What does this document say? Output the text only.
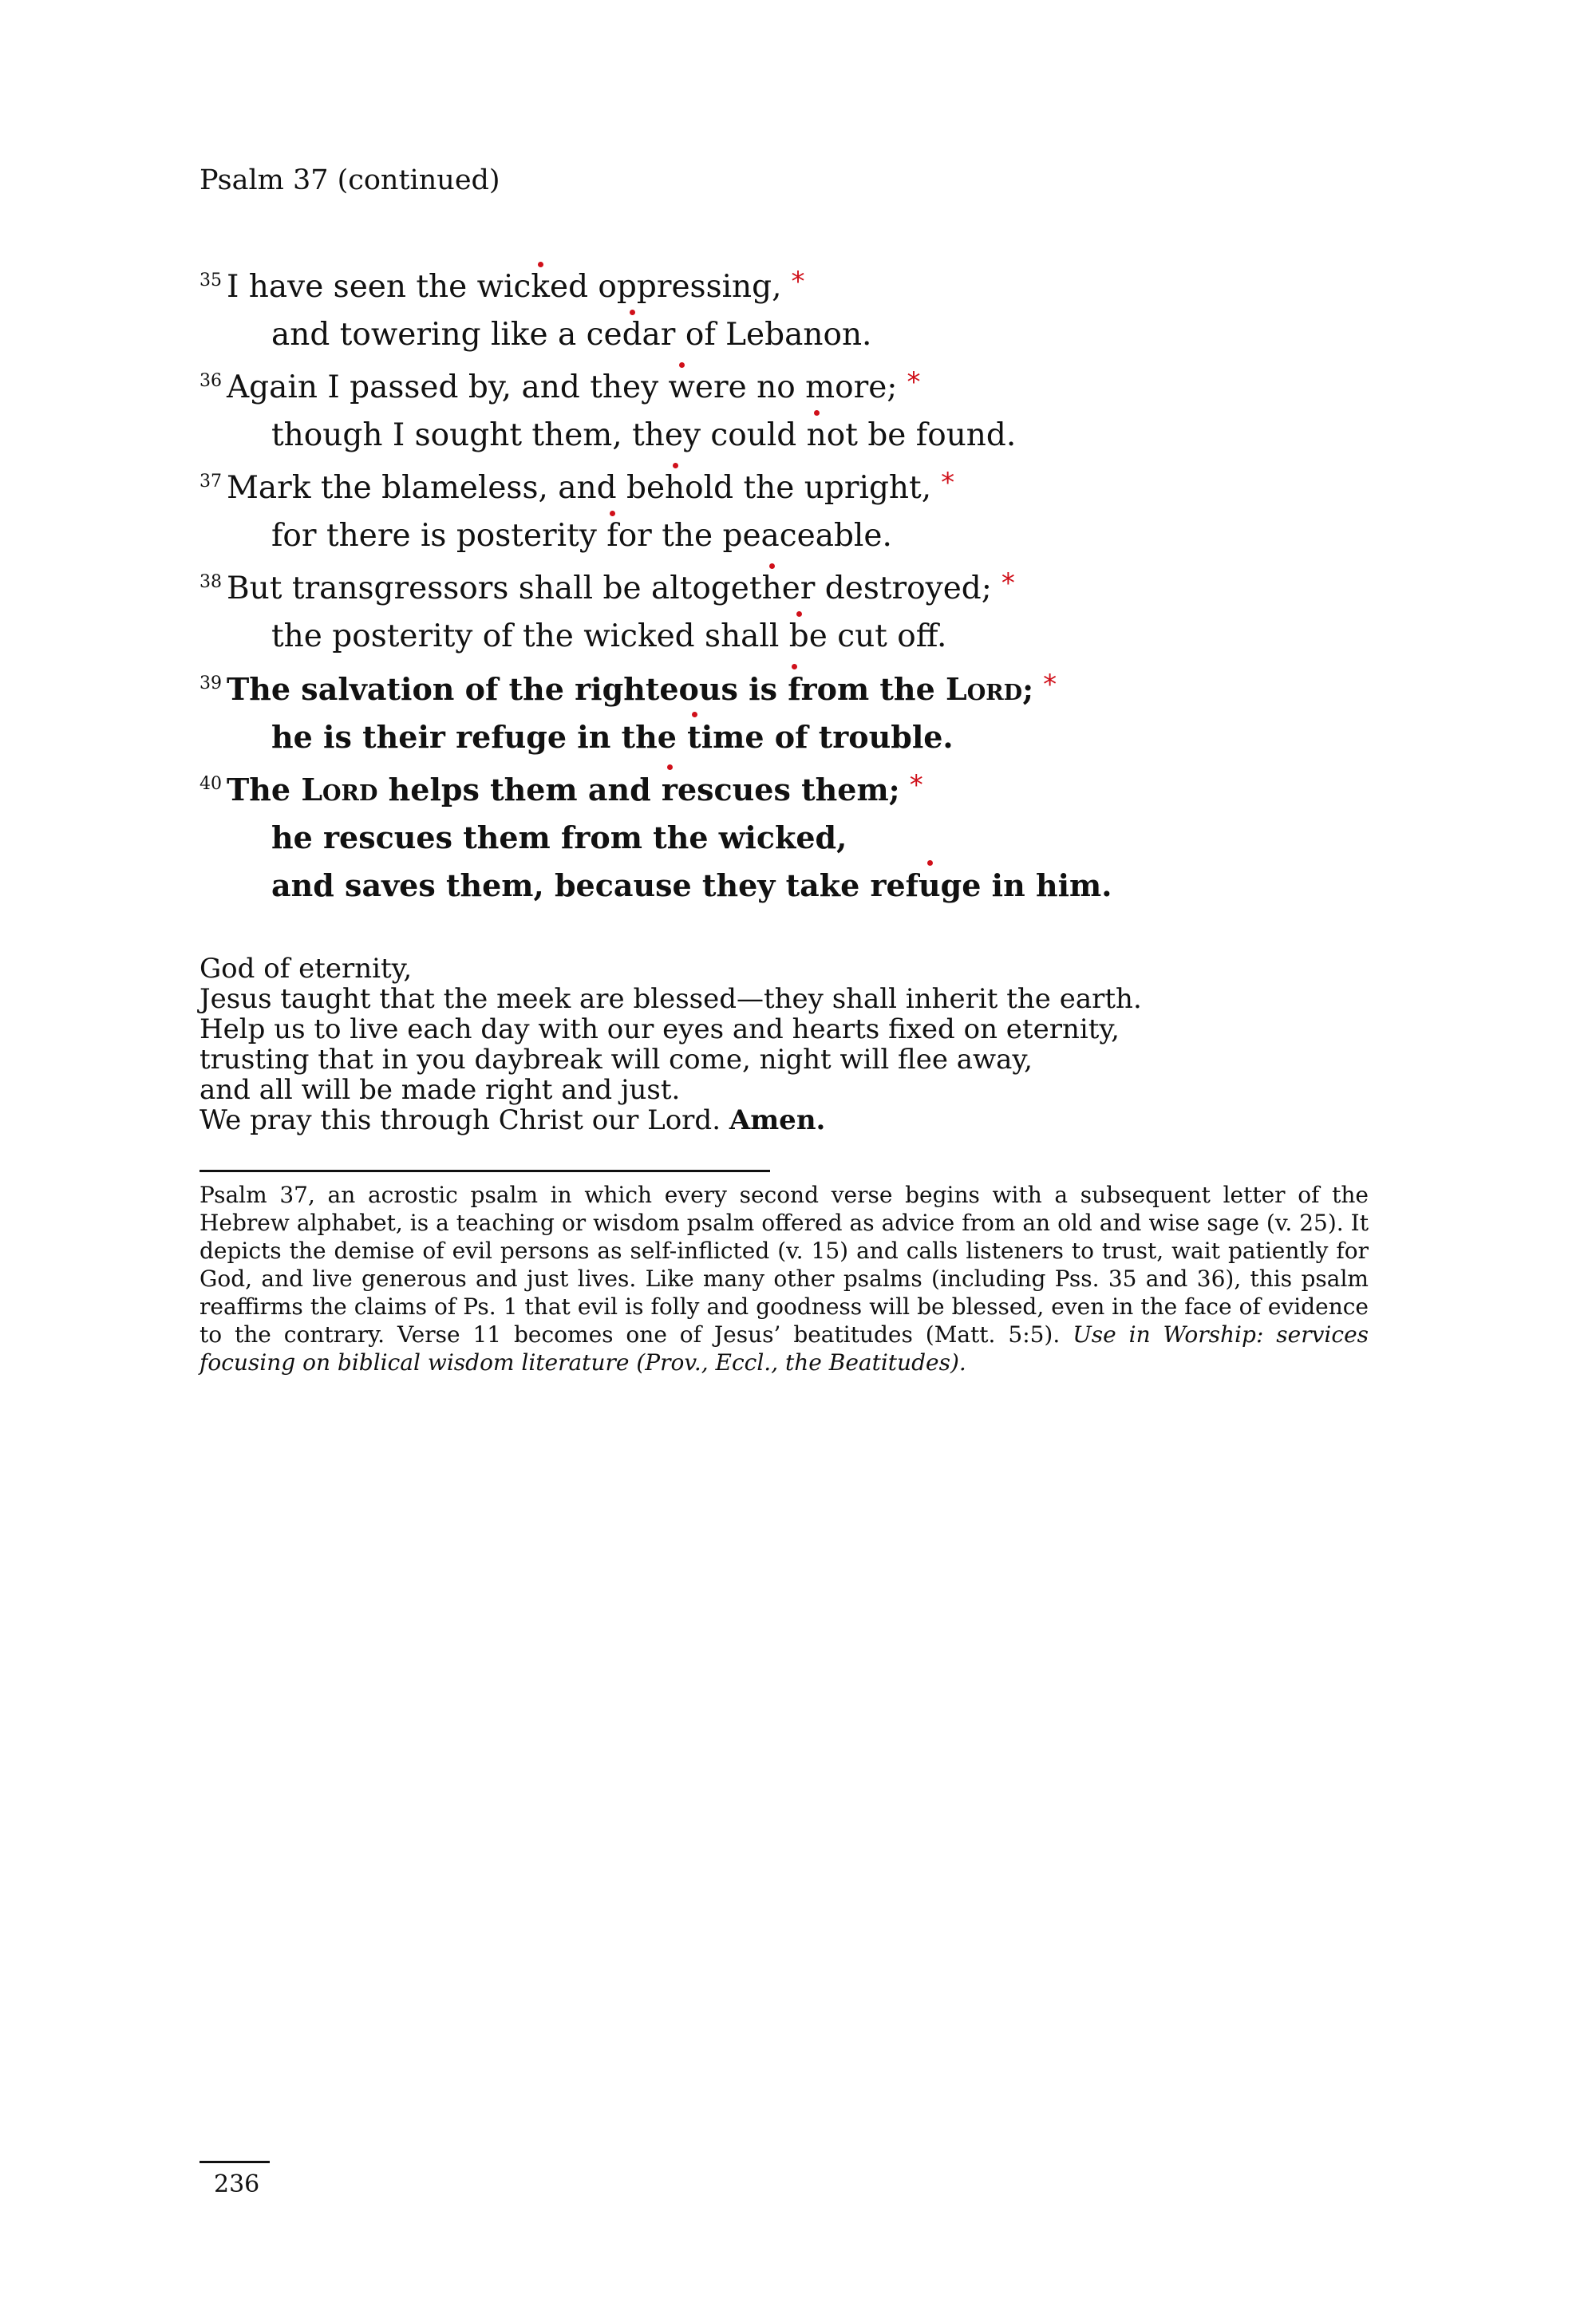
Psalm 37 (continued)
$^{35}$ I have seen the wicked oppressing, *
and towering like a cedar of Lebanon.
$^{36}$ Again I passed by, and they were no more; *
though I sought them, they could not be found.
$^{37}$ Mark the blameless, and behold the upright, *
for there is posterity for the peaceable.
$^{38}$ But transgressors shall be altogether destroyed; *
the posterity of the wicked shall be cut off.
$^{39}$ The salvation of the righteous is from the Lord; *
he is their refuge in the time of trouble.
$^{40}$ The Lord helps them and rescues them; *
he rescues them from the wicked,
and saves them, because they take refuge in him.
God of eternity,
Jesus taught that the meek are blessed—they shall inherit the earth.
Help us to live each day with our eyes and hearts fixed on eternity,
trusting that in you daybreak will come, night will flee away,
and all will be made right and just.
We pray this through Christ our Lord. Amen.
Psalm 37, an acrostic psalm in which every second verse begins with a subsequent letter of the Hebrew alphabet, is a teaching or wisdom psalm offered as advice from an old and wise sage (v. 25). It depicts the demise of evil persons as self-inflicted (v. 15) and calls listeners to trust, wait patiently for God, and live generous and just lives. Like many other psalms (including Pss. 35 and 36), this psalm reaffirms the claims of Ps. 1 that evil is folly and goodness will be blessed, even in the face of evidence to the contrary. Verse 11 becomes one of Jesus’ beatitudes (Matt. 5:5). Use in Worship: services focusing on biblical wisdom literature (Prov., Eccl., the Beatitudes).
236
